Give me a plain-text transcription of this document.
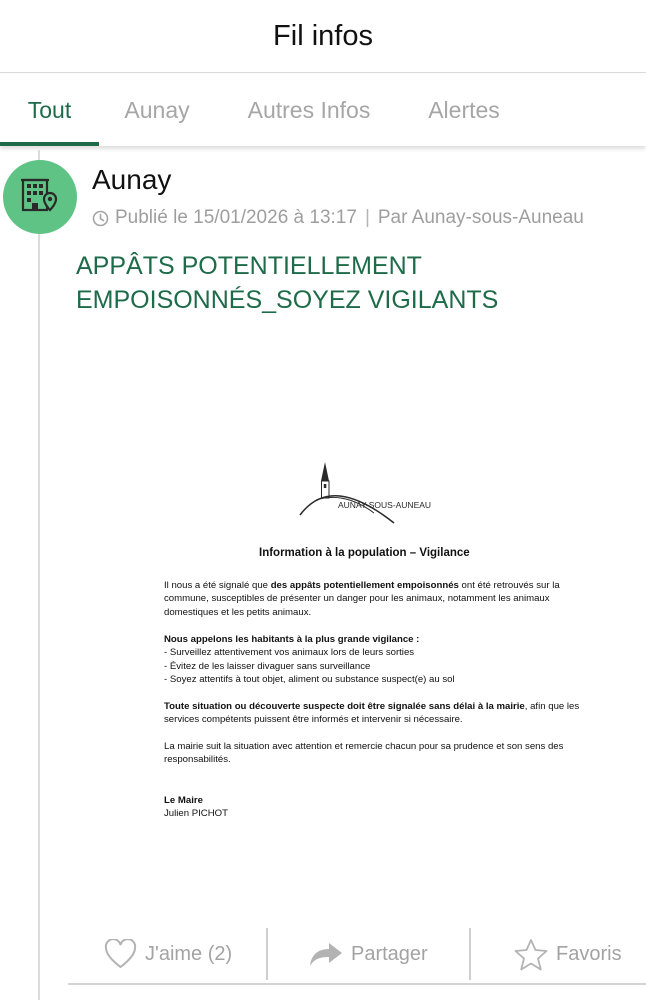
Fil infos
Tout	Aunay	Autres Infos	Alertes
Aunay
Publié le 15/01/2026 à 13:17 | Par Aunay-sous-Auneau
APPÂTS POTENTIELLEMENT
EMPOISONNÉS_SOYEZ VIGILANTS
AUNAY-SOUS-AUNEAU
Information à la population – Vigilance

Il nous a été signalé que des appâts potentiellement empoisonnés ont été retrouvés sur la commune, susceptibles de présenter un danger pour les animaux, notamment les animaux domestiques et les petits animaux.

Nous appelons les habitants à la plus grande vigilance :
- Surveillez attentivement vos animaux lors de leurs sorties
- Évitez de les laisser divaguer sans surveillance
- Soyez attentifs à tout objet, aliment ou substance suspect(e) au sol

Toute situation ou découverte suspecte doit être signalée sans délai à la mairie, afin que les services compétents puissent être informés et intervenir si nécessaire.

La mairie suit la situation avec attention et remercie chacun pour sa prudence et son sens des responsabilités.

Le Maire
Julien PICHOT

J'aime (2)	Partager	Favoris
